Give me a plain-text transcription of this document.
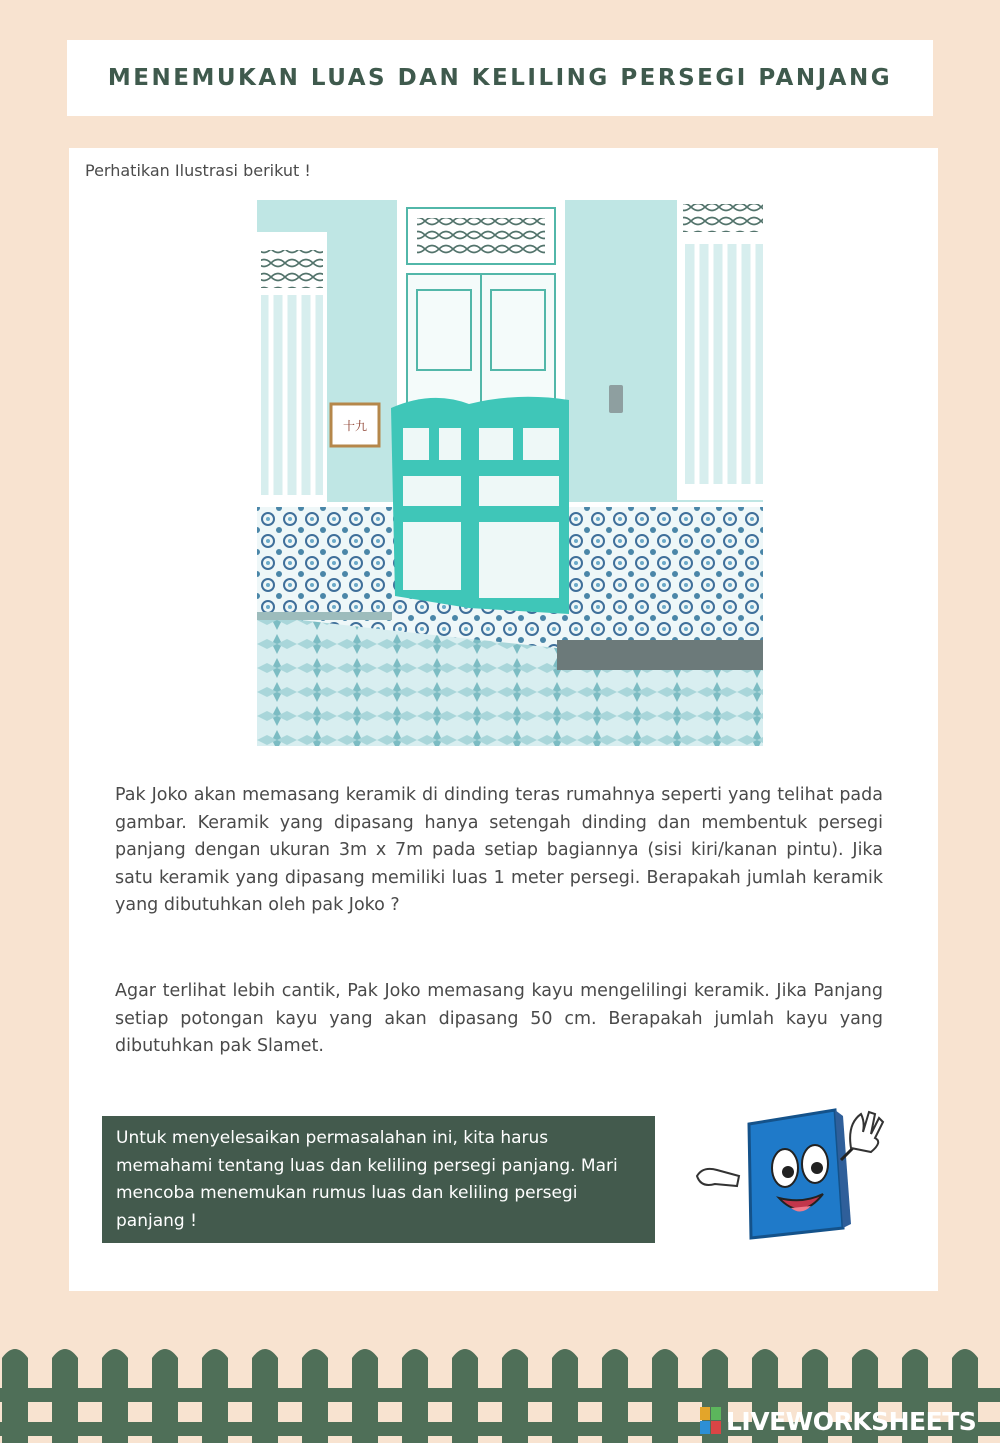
MENEMUKAN LUAS DAN KELILING PERSEGI PANJANG
Perhatikan Ilustrasi berikut !
十九

Pak Joko akan memasang keramik di dinding teras rumahnya seperti yang telihat pada gambar. Keramik yang dipasang hanya setengah dinding dan membentuk persegi panjang dengan ukuran 3m x 7m pada setiap bagiannya (sisi kiri/kanan pintu). Jika satu keramik yang dipasang memiliki luas 1 meter persegi. Berapakah jumlah keramik yang dibutuhkan oleh pak Joko ?

Agar terlihat lebih cantik, Pak Joko memasang kayu mengelilingi keramik. Jika Panjang setiap potongan kayu yang akan dipasang 50 cm. Berapakah jumlah kayu yang dibutuhkan pak Slamet.

Untuk menyelesaikan permasalahan ini, kita harus memahami tentang luas dan keliling persegi panjang. Mari mencoba menemukan rumus luas dan keliling persegi panjang !

LIVEWORKSHEETS
